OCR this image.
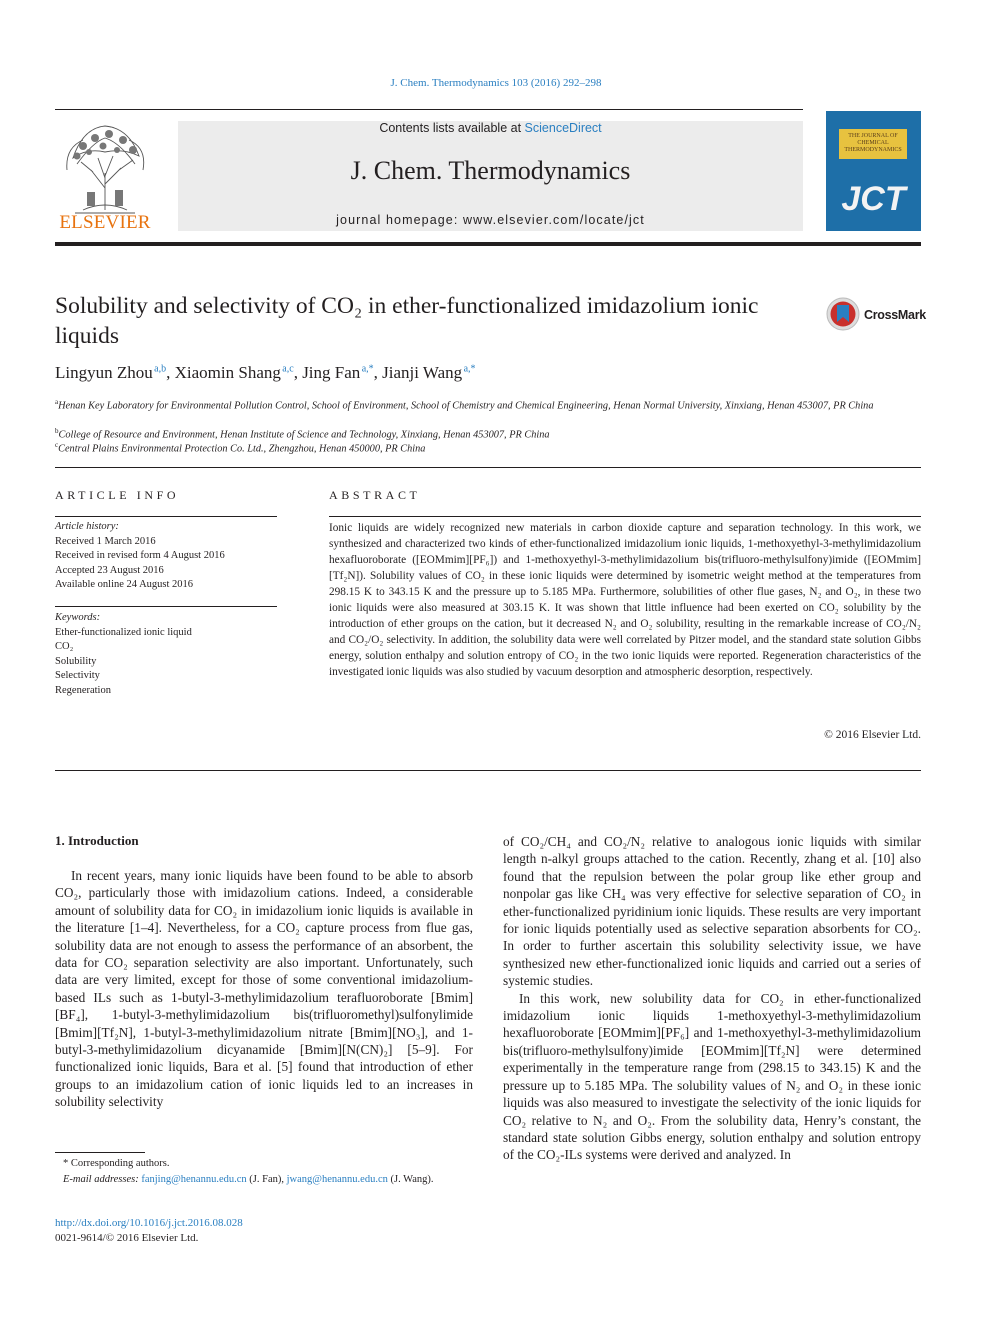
J. Chem. Thermodynamics 103 (2016) 292–298
ELSEVIER
Contents lists available at ScienceDirect
J. Chem. Thermodynamics
journal homepage: www.elsevier.com/locate/jct
THE JOURNAL OF CHEMICAL THERMODYNAMICS
JCT
Solubility and selectivity of CO₂ in ether-functionalized imidazolium ionic liquids
CrossMark
Lingyun Zhou $^{a,b}$, Xiaomin Shang $^{a,c}$, Jing Fan $^{a,*}$, Jianji Wang $^{a,*}$
$^a$Henan Key Laboratory for Environmental Pollution Control, School of Environment, School of Chemistry and Chemical Engineering, Henan Normal University, Xinxiang, Henan 453007, PR China
$^b$College of Resource and Environment, Henan Institute of Science and Technology, Xinxiang, Henan 453007, PR China
$^c$Central Plains Environmental Protection Co. Ltd., Zhengzhou, Henan 450000, PR China
ARTICLE INFO
Article history:
Received 1 March 2016
Received in revised form 4 August 2016
Accepted 23 August 2016
Available online 24 August 2016
Keywords:
Ether-functionalized ionic liquid
CO₂
Solubility
Selectivity
Regeneration
ABSTRACT
Ionic liquids are widely recognized new materials in carbon dioxide capture and separation technology. In this work, we synthesized and characterized two kinds of ether-functionalized imidazolium ionic liquids, 1-methoxyethyl-3-methylimidazolium hexafluoroborate ([EOMmim][PF₆]) and 1-methoxyethyl-3-methylimidazolium bis(trifluoro-methylsulfony)imide ([EOMmim][Tf₂N]). Solubility values of CO₂ in these ionic liquids were determined by isometric weight method at the temperatures from 298.15 K to 343.15 K and the pressure up to 5.185 MPa. Furthermore, solubilities of other flue gases, N₂ and O₂, in these two ionic liquids were also measured at 303.15 K. It was shown that little influence had been exerted on CO₂ solubility by the introduction of ether groups on the cation, but it decreased N₂ and O₂ solubility, resulting in the remarkable increase of CO₂/N₂ and CO₂/O₂ selectivity. In addition, the solubility data were well correlated by Pitzer model, and the standard state solution Gibbs energy, solution enthalpy and solution entropy of CO₂ in the two ionic liquids were reported. Regeneration characteristics of the investigated ionic liquids was also studied by vacuum desorption and atmospheric desorption, respectively.
© 2016 Elsevier Ltd.
1. Introduction

In recent years, many ionic liquids have been found to be able to absorb CO₂, particularly those with imidazolium cations. Indeed, a considerable amount of solubility data for CO₂ in imidazolium ionic liquids is available in the literature [1–4]. Nevertheless, for a CO₂ capture process from flue gas, solubility data are not enough to assess the performance of an absorbent, the data for CO₂ separation selectivity are also important. Unfortunately, such data are very limited, except for those of some conventional imidazolium-based ILs such as 1-butyl-3-methylimidazolium terafluoroborate [Bmim][BF₄], 1-butyl-3-methylimidazolium bis(trifluoromethyl)sulfonylimide [Bmim][Tf₂N], 1-butyl-3-methylimidazolium nitrate [Bmim][NO₃], and 1-butyl-3-methylimidazolium dicyanamide [Bmim][N(CN)₂] [5–9]. For functionalized ionic liquids, Bara et al. [5] found that introduction of ether groups to an imidazolium cation of ionic liquids led to an increases in solubility selectivity

of CO₂/CH₄ and CO₂/N₂ relative to analogous ionic liquids with similar length n-alkyl groups attached to the cation. Recently, zhang et al. [10] also found that the repulsion between the polar group like ether group and nonpolar gas like CH₄ was very effective for selective separation of CO₂ in ether-functionalized pyridinium ionic liquids. These results are very important for ionic liquids potentially used as selective separation absorbents for CO₂. In order to further ascertain this solubility selectivity issue, we have synthesized new ether-functionalized ionic liquids and carried out a series of systemic studies.

In this work, new solubility data for CO₂ in ether-functionalized imidazolium ionic liquids 1-methoxyethyl-3-methylimidazolium hexafluoroborate [EOMmim][PF₆] and 1-methoxyethyl-3-methylimidazolium bis(trifluoro-methylsulfony)imide [EOMmim][Tf₂N] were determined experimentally in the temperature range from (298.15 to 343.15) K and the pressure up to 5.185 MPa. The solubility values of N₂ and O₂ in these ionic liquids was also measured to investigate the selectivity of the ionic liquids for CO₂ relative to N₂ and O₂. From the solubility data, Henry’s constant, the standard state solution Gibbs energy, solution enthalpy and solution entropy of the CO₂-ILs systems were derived and analyzed. In

* Corresponding authors.
E-mail addresses: fanjing@henannu.edu.cn (J. Fan), jwang@henannu.edu.cn (J. Wang).
http://dx.doi.org/10.1016/j.jct.2016.08.028
0021-9614/© 2016 Elsevier Ltd.
